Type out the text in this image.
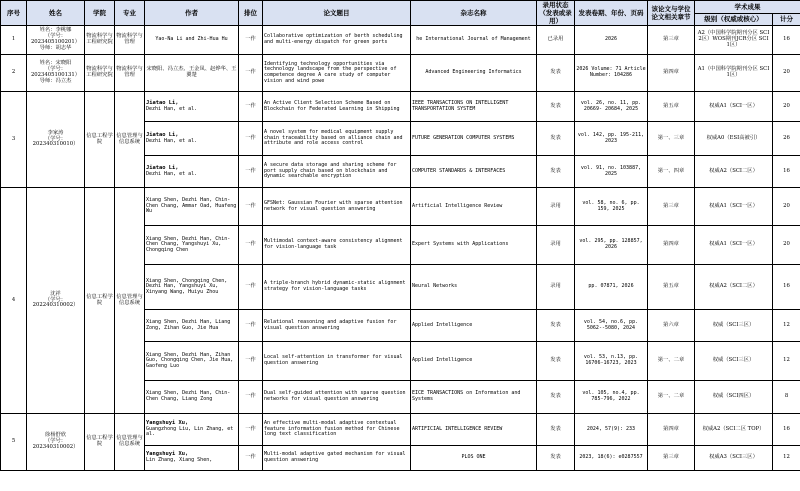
序号	姓名	学院	专业	作者	排位	论文题目	杂志名称	录用状态（发表或录用）	发表卷期、年份、页码	该论文与学位论文相关章节	学术成果	
											级别（权威或核心）	计分
1	姓名：李桃娜
（学号：
2023405100201）
导师：胡志华	物流科学与工程研究院	物流科学与管理	Yao-Na Li and Zhi-Hua Hu	一作	Collaborative optimization of berth scheduling and multi-energy dispatch for green ports	he International Journal of Management	已录用	2026	第三章	A2（中国科学院期刊分区 SCI 2区）WOS期刊JCR分区 SCI 1区）	16
2	姓名：宋晓阳
（学号：
2023405100131）
导师：冯立杰	物流科学与工程研究院	物流科学与管理	宋晓阳、冯立杰、王金凤、赵烨华、王翼楚	一作	Identifying technology opportunities via technology landscape from the perspective of competence degree A care study of computer vision and wind powe	Advanced Engineering Informatics	发表	2026 Volume: 71 Article Number: 104286	第四章	A1（中国科学院期刊分区 SCI 1区）	20
3	李家涛
（学号：
202340310010）	信息工程学院	信息管理与信息系统	Jiatao Li,
Dezhi Han, et al.	一作	An Active Client Selection Scheme Based on Blockchain for Federated Learning in Shipping	IEEE TRANSACTIONS ON INTELLIGENT TRANSPORTATION SYSTEM	发表	vol. 26, no. 11, pp. 20669- 20684, 2025	第五章	权威A1（SCI一区）	20
				Jiatao Li,
Dezhi Han, et al.	一作	A novel system for medical equipment supply chain traceability based on alliance chain and attribute and role access control	FUTURE GENERATION COMPUTER SYSTEMS	发表	vol. 142, pp. 195-211, 2023	第一、三章	权威A0（ESI高被引）	26
				Jiatao Li,
Dezhi Han, et al.	一作	A secure data storage and sharing scheme for port supply chain based on blockchain and dynamic searchable encryption	COMPUTER STANDARDS & INTERFACES	发表	vol. 91, no. 103887, 2025	第一、四章	权威A2（SCI二区）	16
4	沈祥
（学号：
202240310002）	信息工程学院	信息管理与信息系统	Xiang Shen, Dezhi Han, Chin-Chen Chang, Ammar Oad, Huafeng Wu	一作	GFSNet: Gaussian Fourier with sparse attention network for visual question answering	Artificial Intelligence Review	录用	vol. 58, no. 6, pp. 159, 2025	第三章	权威A1（SCI一区）	20
				Xiang Shen, Dezhi Han, Chin-Chen Chang, Yangshuyi Xu, Chongqing Chen	一作	Multimodal context-aware consistency alignment for vision-language task	Expert Systems with Applications	录用	vol. 295, pp. 128857, 2026	第四章	权威A1（SCI一区）	20
				Xiang Shen, Chongqing Chen, Dezhi Han, Yangshuyi Xu, Xinyang Wang, Huiyu Zhou	一作	A triple-branch hybrid dynamic-static alignment strategy for vision-language tasks	Neural Networks	录用	pp. 07871, 2026	第五章	权威A2（SCI二区）	16
				Xiang Shen, Dezhi Han, Liang Zong, Zihan Guo, Jie Hua	一作	Relational reasoning and adaptive fusion for visual question answering	Applied Intelligence	发表	vol. 54, no.6, pp. 5062--5080, 2024	第六章	权威（SCI三区）	12
				Xiang Shen, Dezhi Han, Zihan Guo, Chongqing Chen, Jie Hua, Gaofeng Luo	一作	Local self-attention in transformer for visual question answering	Applied Intelligence	发表	vol. 53, n.13, pp. 16706-16723, 2023	第一、二章	权威（SCI三区）	12
				Xiang Shen, Dezhi Han, Chin-Chen Chang, Liang Zong	一作	Dual self-guided attention with sparse question networks for visual question answering	EICE TRANSACTIONS on Information and Systems	发表	vol. 105, no.4, pp. 785-796, 2022	第一、二章	权威（SCI四区）	8
5	徐杨舒欣
（学号：
202340310002）	信息工程学院	信息管理与信息系统	Yangshuyi Xu,
Guangzhong Liu, Lin Zhang, et al.	一作	An effective multi-modal adaptive contextual feature information fusion method for Chinese long text classification	ARTIFICIAL INTELLIGENCE REVIEW	发表	2024, 57(9): 233	第四章	权威A2（SCI二区 TOP）	16
				Yangshuyi Xu,
Lin Zhang, Xiang Shen,	一作	Multi-modal adaptive gated mechanism for visual question answering	PLOS ONE	发表	2023, 18(6): e0287557	第三章	权威A3（SCI三区）	12
